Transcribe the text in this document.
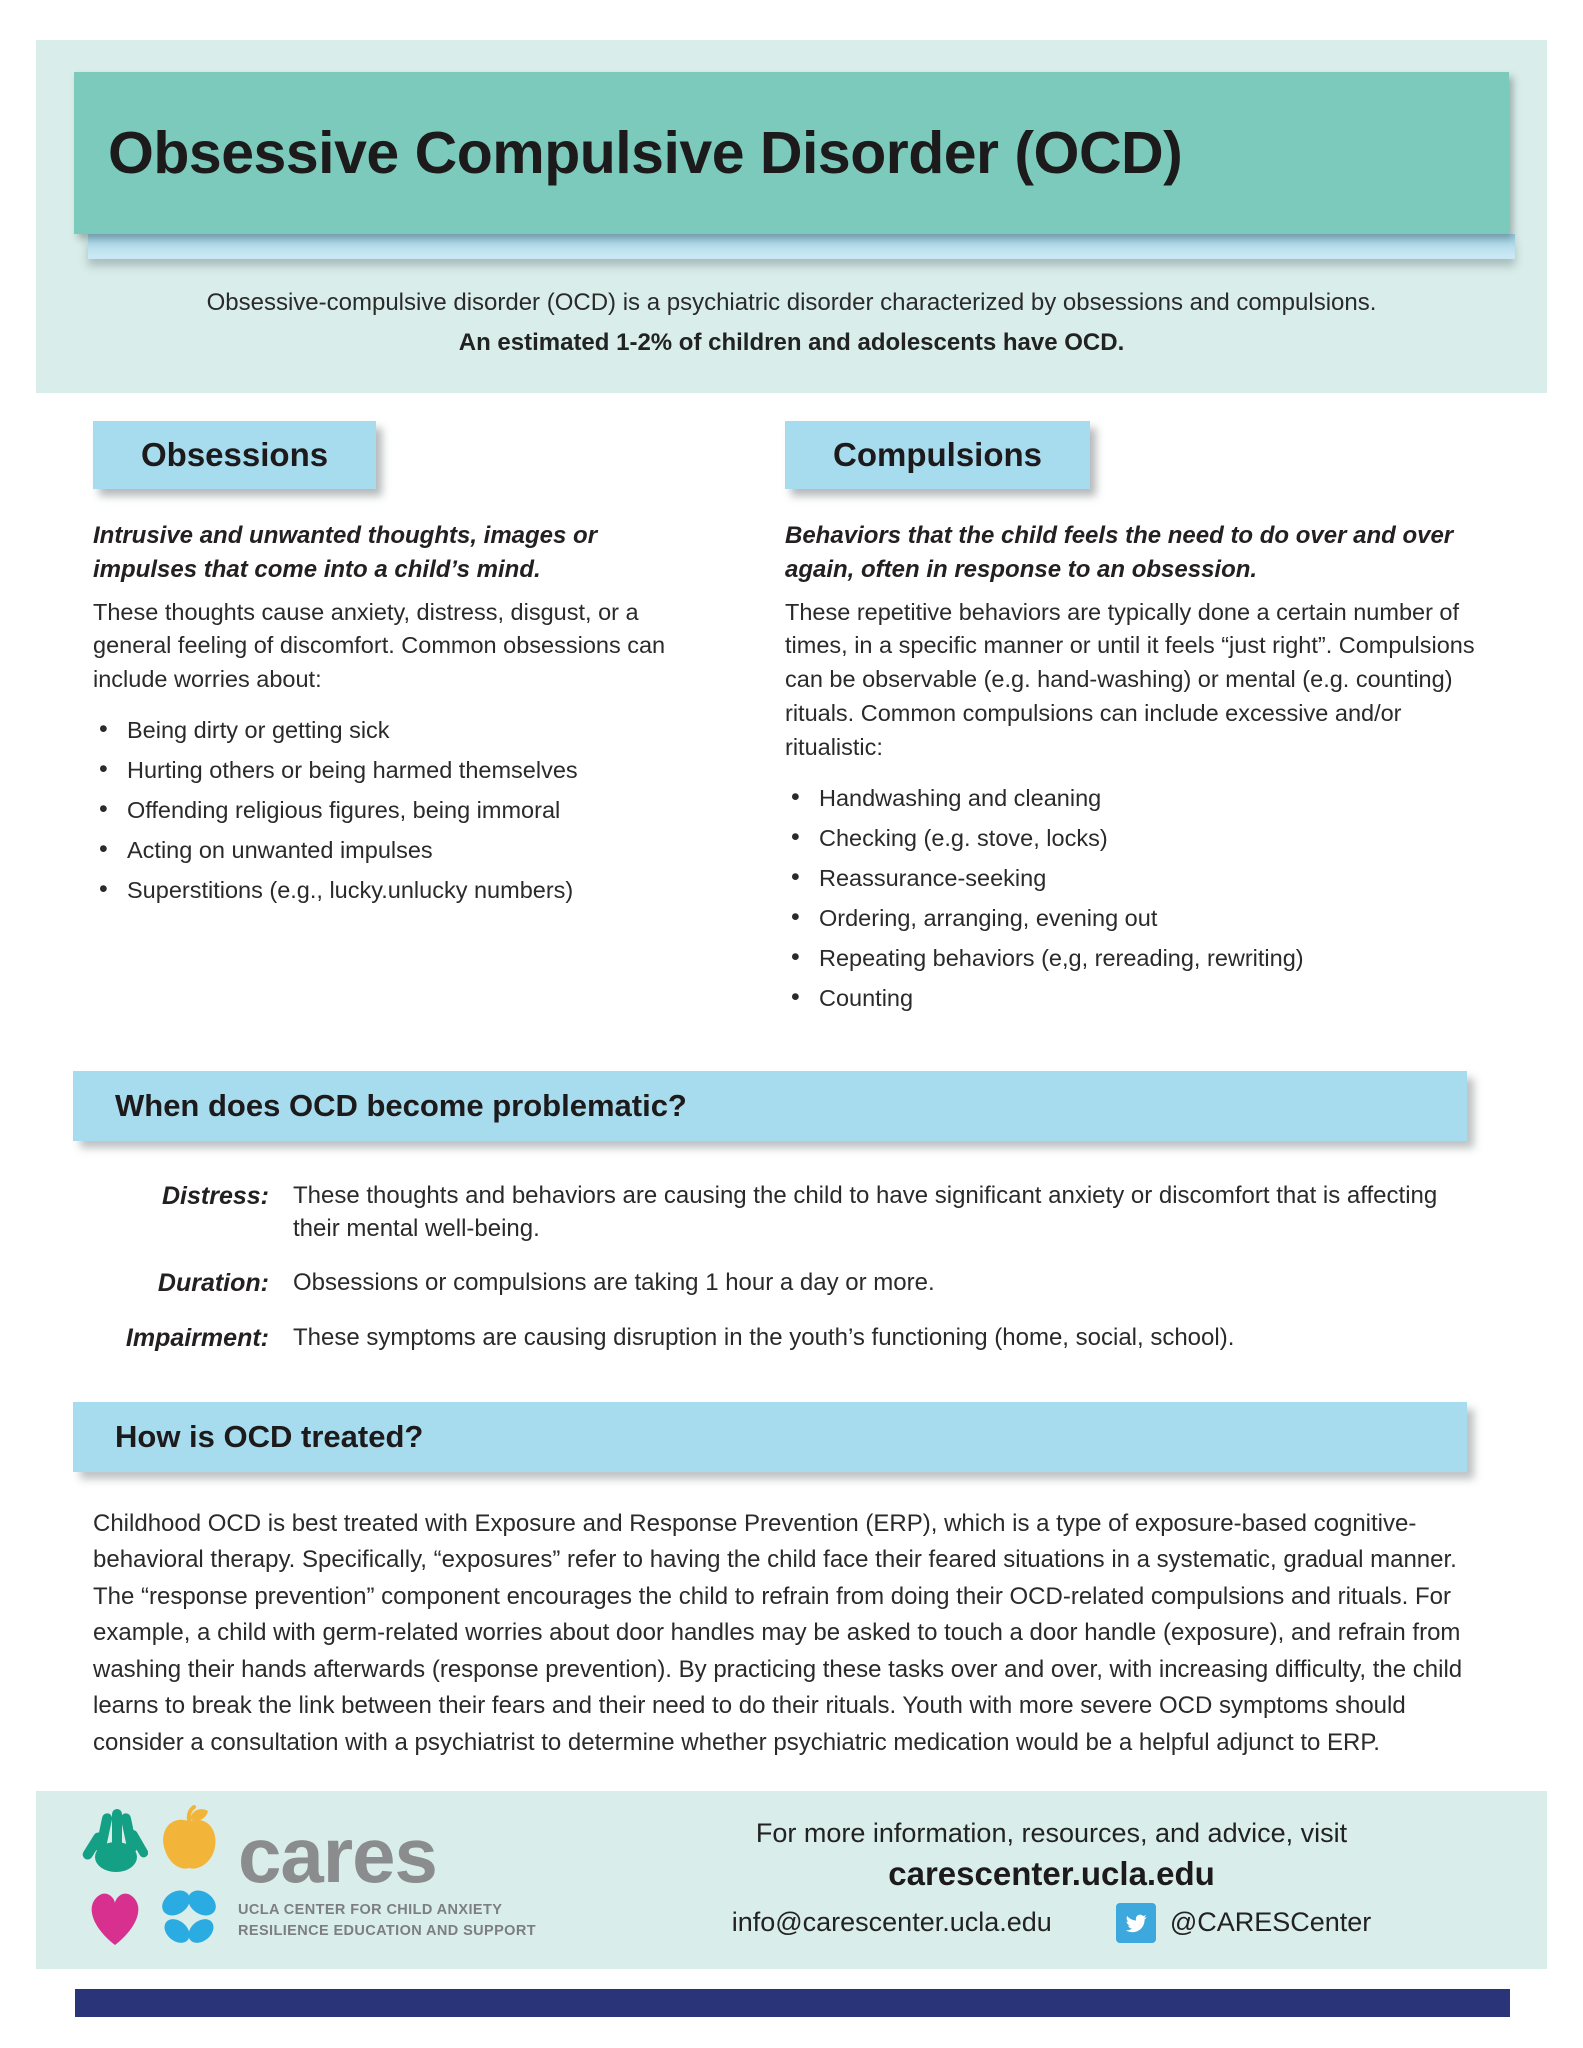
Obsessive Compulsive Disorder (OCD)

Obsessive-compulsive disorder (OCD) is a psychiatric disorder characterized by obsessions and compulsions.

An estimated 1-2% of children and adolescents have OCD.

Obsessions

Intrusive and unwanted thoughts, images or impulses that come into a child’s mind.

These thoughts cause anxiety, distress, disgust, or a general feeling of discomfort. Common obsessions can include worries about:

• Being dirty or getting sick
• Hurting others or being harmed themselves
• Offending religious figures, being immoral
• Acting on unwanted impulses
• Superstitions (e.g., lucky.unlucky numbers)
Compulsions

Behaviors that the child feels the need to do over and over again, often in response to an obsession.

These repetitive behaviors are typically done a certain number of times, in a specific manner or until it feels “just right”. Compulsions can be observable (e.g. hand-washing) or mental (e.g. counting) rituals. Common compulsions can include excessive and/or ritualistic:

• Handwashing and cleaning
• Checking (e.g. stove, locks)
• Reassurance-seeking
• Ordering, arranging, evening out
• Repeating behaviors (e,g, rereading, rewriting)
• Counting
When does OCD become problematic?
Distress:	These thoughts and behaviors are causing the child to have significant anxiety or discomfort that is affecting their mental well-being.
Duration:	Obsessions or compulsions are taking 1 hour a day or more.
Impairment:	These symptoms are causing disruption in the youth’s functioning (home, social, school).
How is OCD treated?

Childhood OCD is best treated with Exposure and Response Prevention (ERP), which is a type of exposure-based cognitive-behavioral therapy. Specifically, “exposures” refer to having the child face their feared situations in a systematic, gradual manner. The “response prevention” component encourages the child to refrain from doing their OCD-related compulsions and rituals. For example, a child with germ-related worries about door handles may be asked to touch a door handle (exposure), and refrain from washing their hands afterwards (response prevention). By practicing these tasks over and over, with increasing difficulty, the child learns to break the link between their fears and their need to do their rituals. Youth with more severe OCD symptoms should consider a consultation with a psychiatrist to determine whether psychiatric medication would be a helpful adjunct to ERP.

cares
UCLA CENTER FOR CHILD ANXIETY
RESILIENCE EDUCATION AND SUPPORT
For more information, resources, and advice, visit
carescenter.ucla.edu
info@carescenter.ucla.edu	@CARESCenter
